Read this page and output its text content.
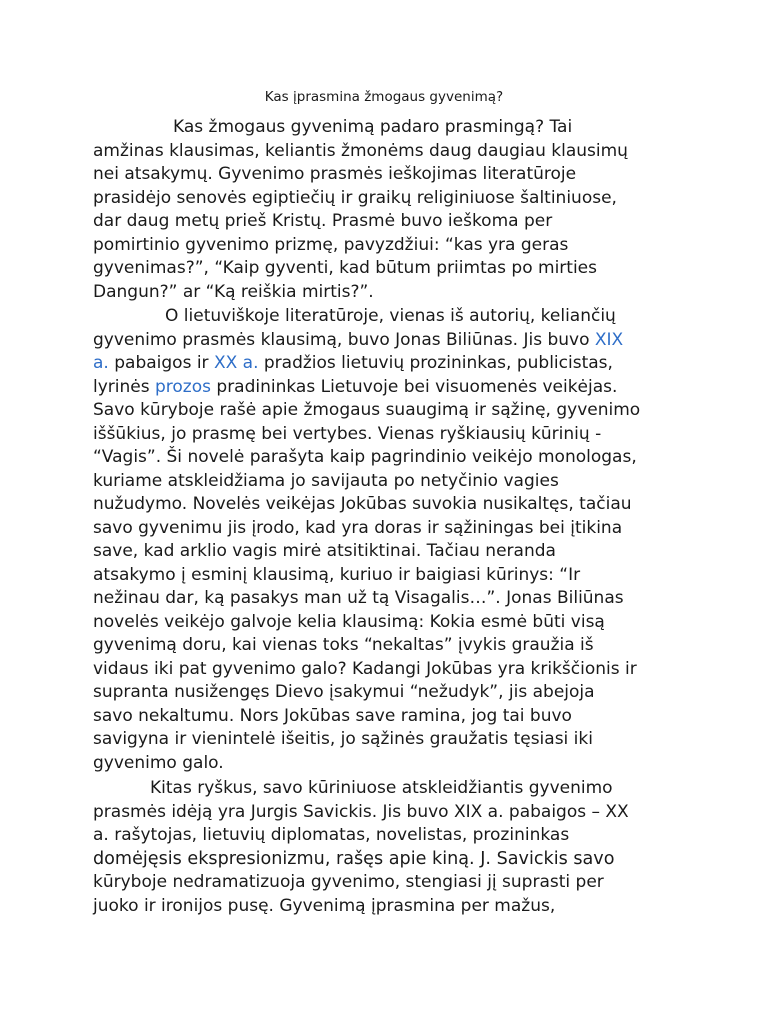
Kas įprasmina žmogaus gyvenimą?

Kas žmogaus gyvenimą padaro prasmingą? Tai
amžinas klausimas, keliantis žmonėms daug daugiau klausimų
nei atsakymų. Gyvenimo prasmės ieškojimas literatūroje
prasidėjo senovės egiptiečių ir graikų religiniuose šaltiniuose,
dar daug metų prieš Kristų. Prasmė buvo ieškoma per
pomirtinio gyvenimo prizmę, pavyzdžiui: “kas yra geras
gyvenimas?”, “Kaip gyventi, kad būtum priimtas po mirties
Dangun?” ar “Ką reiškia mirtis?”.

O lietuviškoje literatūroje, vienas iš autorių, keliančių
gyvenimo prasmės klausimą, buvo Jonas Biliūnas. Jis buvo XIX
a. pabaigos ir XX a. pradžios lietuvių prozininkas, publicistas,
lyrinės prozos pradininkas Lietuvoje bei visuomenės veikėjas.
Savo kūryboje rašė apie žmogaus suaugimą ir sąžinę, gyvenimo
iššūkius, jo prasmę bei vertybes. Vienas ryškiausių kūrinių -
“Vagis”. Ši novelė parašyta kaip pagrindinio veikėjo monologas,
kuriame atskleidžiama jo savijauta po netyčinio vagies
nužudymo. Novelės veikėjas Jokūbas suvokia nusikaltęs, tačiau
savo gyvenimu jis įrodo, kad yra doras ir sąžiningas bei įtikina
save, kad arklio vagis mirė atsitiktinai. Tačiau neranda
atsakymo į esminį klausimą, kuriuo ir baigiasi kūrinys: “Ir
nežinau dar, ką pasakys man už tą Visagalis…”. Jonas Biliūnas
novelės veikėjo galvoje kelia klausimą: Kokia esmė būti visą
gyvenimą doru, kai vienas toks “nekaltas” įvykis graužia iš
vidaus iki pat gyvenimo galo? Kadangi Jokūbas yra krikščionis ir
supranta nusižengęs Dievo įsakymui “nežudyk”, jis abejoja
savo nekaltumu. Nors Jokūbas save ramina, jog tai buvo
savigyna ir vienintelė išeitis, jo sąžinės graužatis tęsiasi iki
gyvenimo galo.

Kitas ryškus, savo kūriniuose atskleidžiantis gyvenimo
prasmės idėją yra Jurgis Savickis. Jis buvo XIX a. pabaigos – XX
a. rašytojas, lietuvių diplomatas, novelistas, prozininkas
domėjęsis ekspresionizmu, rašęs apie kiną. J. Savickis savo
kūryboje nedramatizuoja gyvenimo, stengiasi jį suprasti per
juoko ir ironijos pusę. Gyvenimą įprasmina per mažus,
